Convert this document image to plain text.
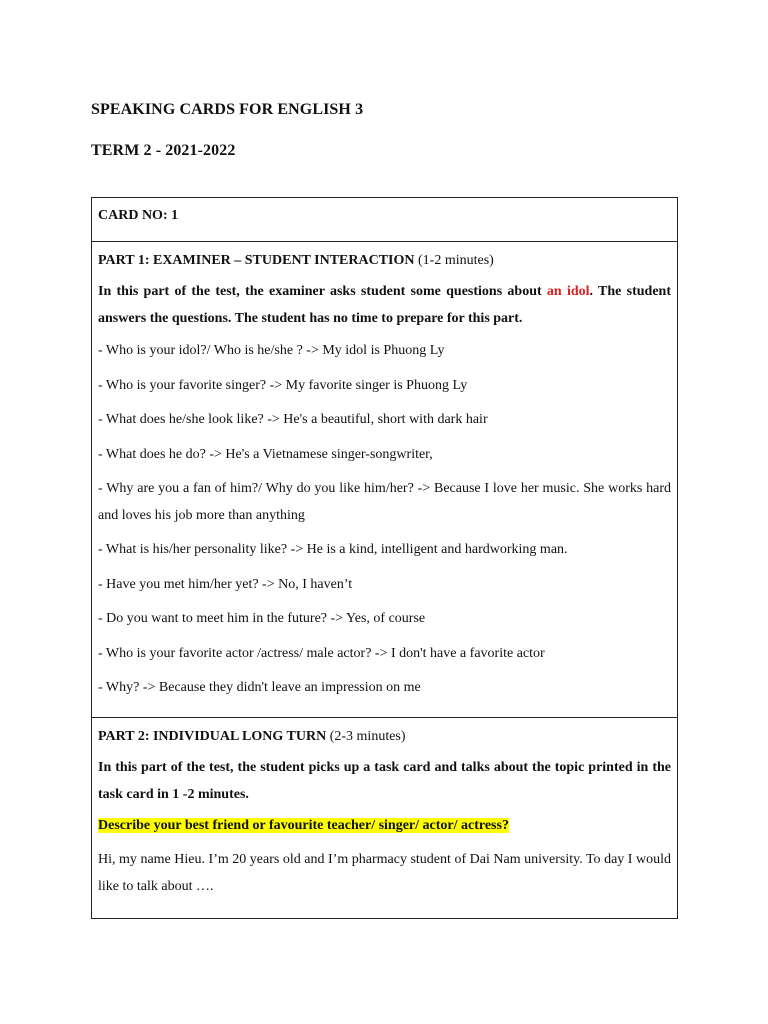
SPEAKING CARDS FOR ENGLISH 3
TERM 2 - 2021-2022
CARD NO: 1
PART 1: EXAMINER – STUDENT INTERACTION (1-2 minutes)
In this part of the test, the examiner asks student some questions about an idol. The student answers the questions. The student has no time to prepare for this part.
- Who is your idol?/ Who is he/she ? -> My idol is Phuong Ly
- Who is your favorite singer? -> My favorite singer is Phuong Ly
- What does he/she look like? -> He's a beautiful, short with dark hair
- What does he do? -> He's a Vietnamese singer-songwriter,
- Why are you a fan of him?/ Why do you like him/her? -> Because I love her music. She works hard and loves his job more than anything
- What is his/her personality like? -> He is a kind, intelligent and hardworking man.
- Have you met him/her yet? -> No, I haven’t
- Do you want to meet him in the future? -> Yes, of course
- Who is your favorite actor /actress/ male actor? -> I don't have a favorite actor
- Why? -> Because they didn't leave an impression on me
PART 2: INDIVIDUAL LONG TURN (2-3 minutes)
In this part of the test, the student picks up a task card and talks about the topic printed in the task card in 1 -2 minutes.
Describe your best friend or favourite teacher/ singer/ actor/ actress?
Hi, my name Hieu. I’m 20 years old and I’m pharmacy student of Dai Nam university. To day I would like to talk about ….
